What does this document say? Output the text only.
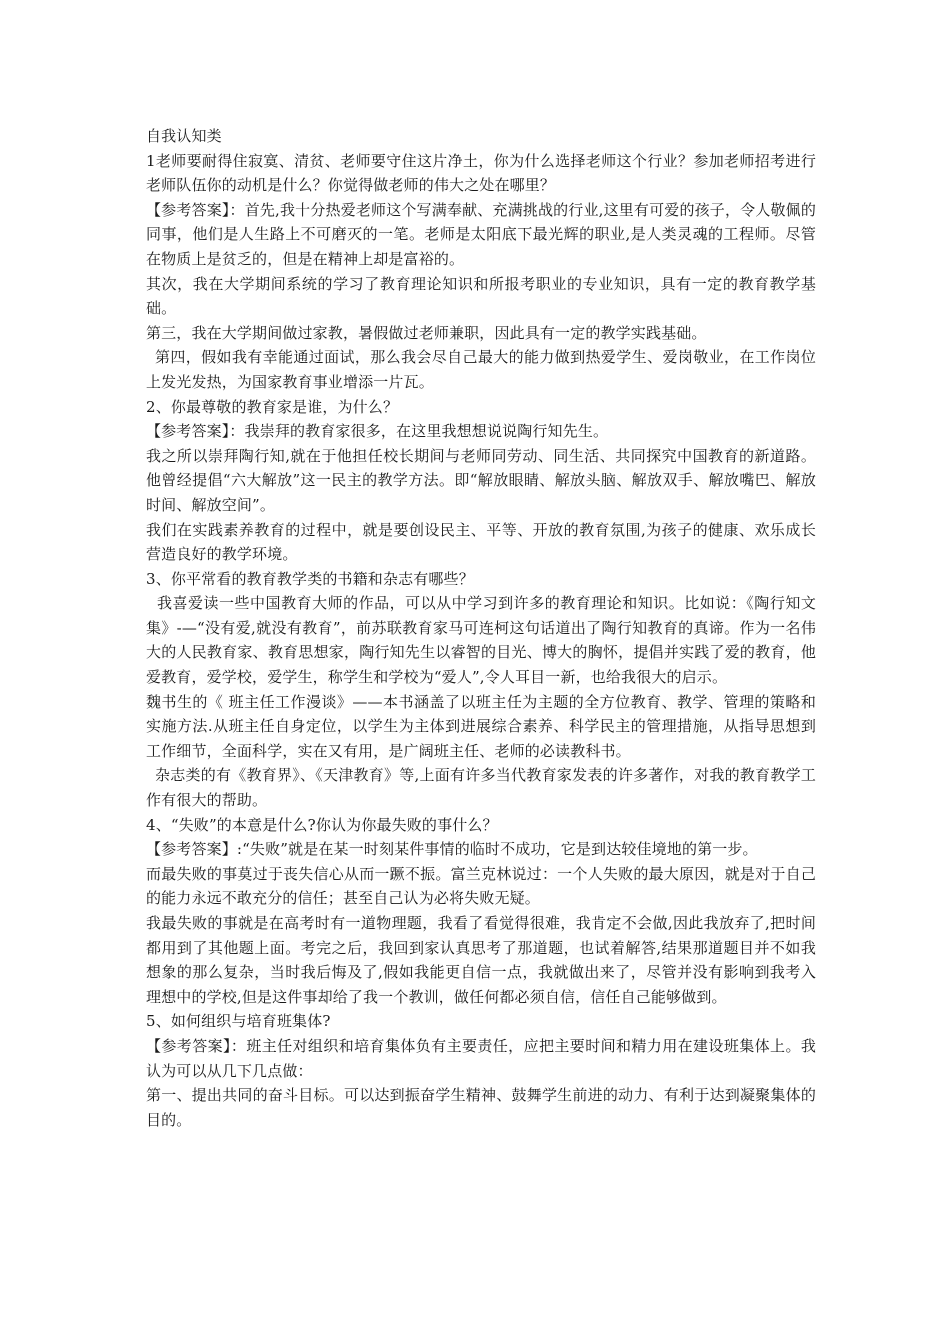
自我认知类

1老师要耐得住寂寞、清贫、老师要守住这片净土，你为什么选择老师这个行业？参加老师招考进行老师队伍你的动机是什么？你觉得做老师的伟大之处在哪里？

【参考答案】：首先,我十分热爱老师这个写满奉献、充满挑战的行业,这里有可爱的孩子，令人敬佩的同事，他们是人生路上不可磨灭的一笔。老师是太阳底下最光辉的职业,是人类灵魂的工程师。尽管在物质上是贫乏的，但是在精神上却是富裕的。

其次，我在大学期间系统的学习了教育理论知识和所报考职业的专业知识，具有一定的教育教学基础。

第三，我在大学期间做过家教，暑假做过老师兼职，因此具有一定的教学实践基础。

第四，假如我有幸能通过面试，那么我会尽自己最大的能力做到热爱学生、爱岗敬业，在工作岗位上发光发热，为国家教育事业增添一片瓦。

2、你最尊敬的教育家是谁，为什么？

【参考答案】：我崇拜的教育家很多，在这里我想想说说陶行知先生。

我之所以崇拜陶行知,就在于他担任校长期间与老师同劳动、同生活、共同探究中国教育的新道路。他曾经提倡“六大解放”这一民主的教学方法。即“解放眼睛、解放头脑、解放双手、解放嘴巴、解放时间、解放空间”。

我们在实践素养教育的过程中，就是要创设民主、平等、开放的教育氛围,为孩子的健康、欢乐成长营造良好的教学环境。

3、你平常看的教育教学类的书籍和杂志有哪些？

我喜爱读一些中国教育大师的作品，可以从中学习到许多的教育理论和知识。比如说：《陶行知文集》-—“没有爱,就没有教育”，前苏联教育家马可连柯这句话道出了陶行知教育的真谛。作为一名伟大的人民教育家、教育思想家，陶行知先生以睿智的目光、博大的胸怀，提倡并实践了爱的教育，他爱教育，爱学校，爱学生，称学生和学校为“爱人”,令人耳目一新，也给我很大的启示。

魏书生的《 班主任工作漫谈》——本书涵盖了以班主任为主题的全方位教育、教学、管理的策略和实施方法.从班主任自身定位，以学生为主体到进展综合素养、科学民主的管理措施，从指导思想到工作细节，全面科学，实在又有用，是广阔班主任、老师的必读教科书。

杂志类的有《教育界》、《天津教育》等,上面有许多当代教育家发表的许多著作，对我的教育教学工作有很大的帮助。

4、“失败”的本意是什么?你认为你最失败的事什么？

【参考答案】:“失败”就是在某一时刻某件事情的临时不成功，它是到达较佳境地的第一步。

而最失败的事莫过于丧失信心从而一蹶不振。富兰克林说过：一个人失败的最大原因，就是对于自己的能力永远不敢充分的信任；甚至自己认为必将失败无疑。

我最失败的事就是在高考时有一道物理题，我看了看觉得很难，我肯定不会做,因此我放弃了,把时间都用到了其他题上面。考完之后，我回到家认真思考了那道题，也试着解答,结果那道题目并不如我想象的那么复杂，当时我后悔及了,假如我能更自信一点，我就做出来了，尽管并没有影响到我考入理想中的学校,但是这件事却给了我一个教训，做任何都必须自信，信任自己能够做到。

5、如何组织与培育班集体?

【参考答案】：班主任对组织和培育集体负有主要责任，应把主要时间和精力用在建设班集体上。我认为可以从几下几点做：

第一、提出共同的奋斗目标。可以达到振奋学生精神、鼓舞学生前进的动力、有利于达到凝聚集体的目的。
